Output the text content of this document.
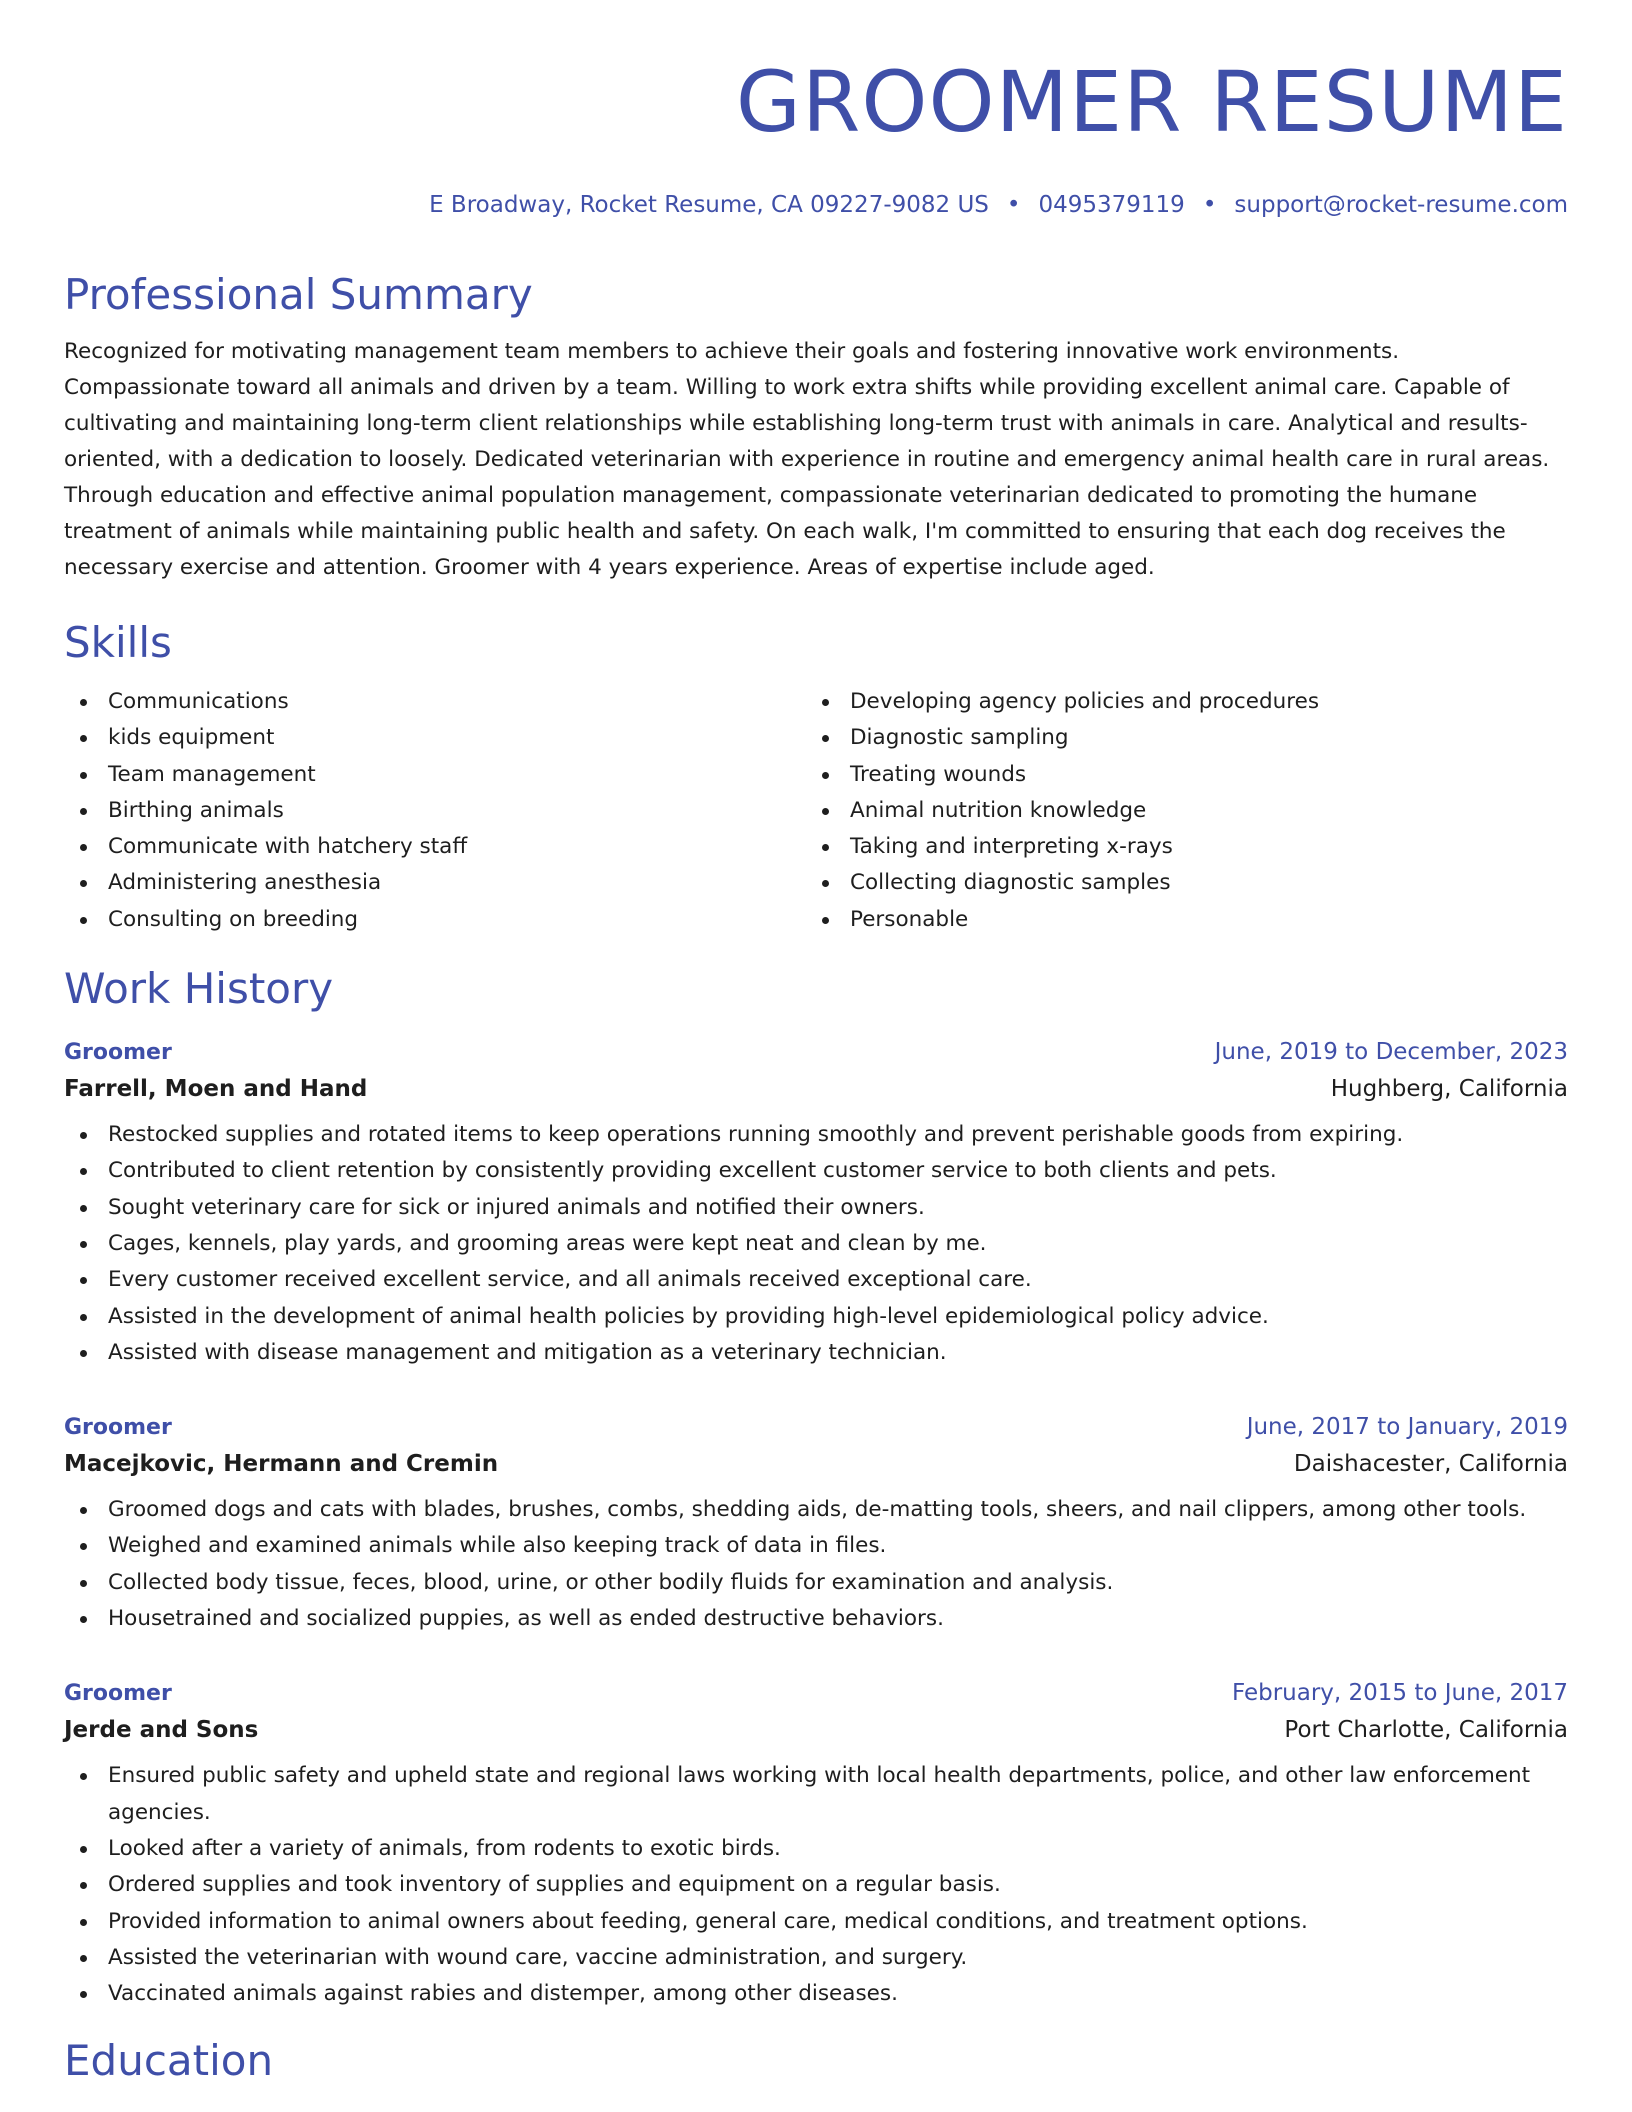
GROOMER RESUME
E Broadway, Rocket Resume, CA 09227-9082 US • 0495379119 • support@rocket-resume.com
Professional Summary

Recognized for motivating management team members to achieve their goals and fostering innovative work environments. Compassionate toward all animals and driven by a team. Willing to work extra shifts while providing excellent animal care. Capable of cultivating and maintaining long-term client relationships while establishing long-term trust with animals in care. Analytical and results-oriented, with a dedication to loosely. Dedicated veterinarian with experience in routine and emergency animal health care in rural areas. Through education and effective animal population management, compassionate veterinarian dedicated to promoting the humane treatment of animals while maintaining public health and safety. On each walk, I'm committed to ensuring that each dog receives the necessary exercise and attention. Groomer with 4 years experience. Areas of expertise include aged.

Skills
Communications
kids equipment
Team management
Birthing animals
Communicate with hatchery staff
Administering anesthesia
Consulting on breeding
Developing agency policies and procedures
Diagnostic sampling
Treating wounds
Animal nutrition knowledge
Taking and interpreting x-rays
Collecting diagnostic samples
Personable
Work History
Groomer	June, 2019 to December, 2023
Farrell, Moen and Hand	Hughberg, California
Restocked supplies and rotated items to keep operations running smoothly and prevent perishable goods from expiring.
Contributed to client retention by consistently providing excellent customer service to both clients and pets.
Sought veterinary care for sick or injured animals and notified their owners.
Cages, kennels, play yards, and grooming areas were kept neat and clean by me.
Every customer received excellent service, and all animals received exceptional care.
Assisted in the development of animal health policies by providing high-level epidemiological policy advice.
Assisted with disease management and mitigation as a veterinary technician.
Groomer	June, 2017 to January, 2019
Macejkovic, Hermann and Cremin	Daishacester, California
Groomed dogs and cats with blades, brushes, combs, shedding aids, de-matting tools, sheers, and nail clippers, among other tools.
Weighed and examined animals while also keeping track of data in files.
Collected body tissue, feces, blood, urine, or other bodily fluids for examination and analysis.
Housetrained and socialized puppies, as well as ended destructive behaviors.
Groomer	February, 2015 to June, 2017
Jerde and Sons	Port Charlotte, California
Ensured public safety and upheld state and regional laws working with local health departments, police, and other law enforcement agencies.
Looked after a variety of animals, from rodents to exotic birds.
Ordered supplies and took inventory of supplies and equipment on a regular basis.
Provided information to animal owners about feeding, general care, medical conditions, and treatment options.
Assisted the veterinarian with wound care, vaccine administration, and surgery.
Vaccinated animals against rabies and distemper, among other diseases.
Education
